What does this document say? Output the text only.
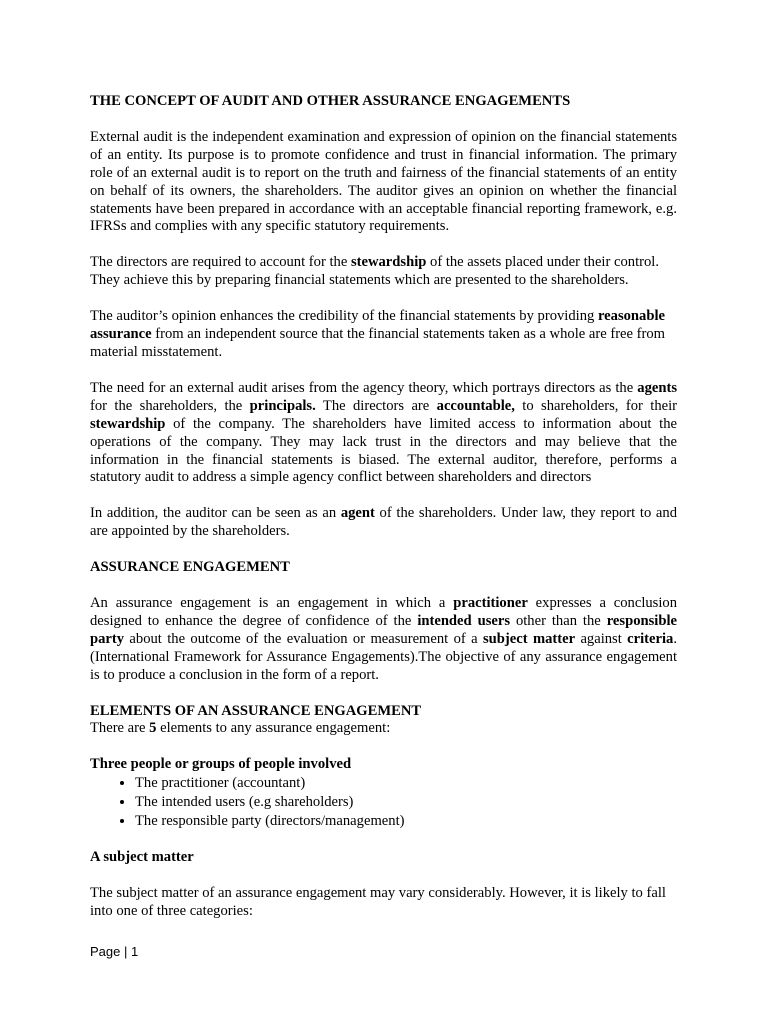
THE CONCEPT OF AUDIT AND OTHER ASSURANCE ENGAGEMENTS

External audit is the independent examination and expression of opinion on the financial statements of an entity. Its purpose is to promote confidence and trust in financial information. The primary role of an external audit is to report on the truth and fairness of the financial statements of an entity on behalf of its owners, the shareholders. The auditor gives an opinion on whether the financial statements have been prepared in accordance with an acceptable financial reporting framework, e.g. IFRSs and complies with any specific statutory requirements.

The directors are required to account for the stewardship of the assets placed under their control. They achieve this by preparing financial statements which are presented to the shareholders.

The auditor’s opinion enhances the credibility of the financial statements by providing reasonable assurance from an independent source that the financial statements taken as a whole are free from material misstatement.

The need for an external audit arises from the agency theory, which portrays directors as the agents for the shareholders, the principals. The directors are accountable, to shareholders, for their stewardship of the company. The shareholders have limited access to information about the operations of the company. They may lack trust in the directors and may believe that the information in the financial statements is biased. The external auditor, therefore, performs a statutory audit to address a simple agency conflict between shareholders and directors

In addition, the auditor can be seen as an agent of the shareholders. Under law, they report to and are appointed by the shareholders.

ASSURANCE ENGAGEMENT

An assurance engagement is an engagement in which a practitioner expresses a conclusion designed to enhance the degree of confidence of the intended users other than the responsible party about the outcome of the evaluation or measurement of a subject matter against criteria. (International Framework for Assurance Engagements).The objective of any assurance engagement is to produce a conclusion in the form of a report.

ELEMENTS OF AN ASSURANCE ENGAGEMENT

There are 5 elements to any assurance engagement:

Three people or groups of people involved
• The practitioner (accountant)
• The intended users (e.g shareholders)
• The responsible party (directors/management)
A subject matter

The subject matter of an assurance engagement may vary considerably. However, it is likely to fall into one of three categories:

Page | 1
